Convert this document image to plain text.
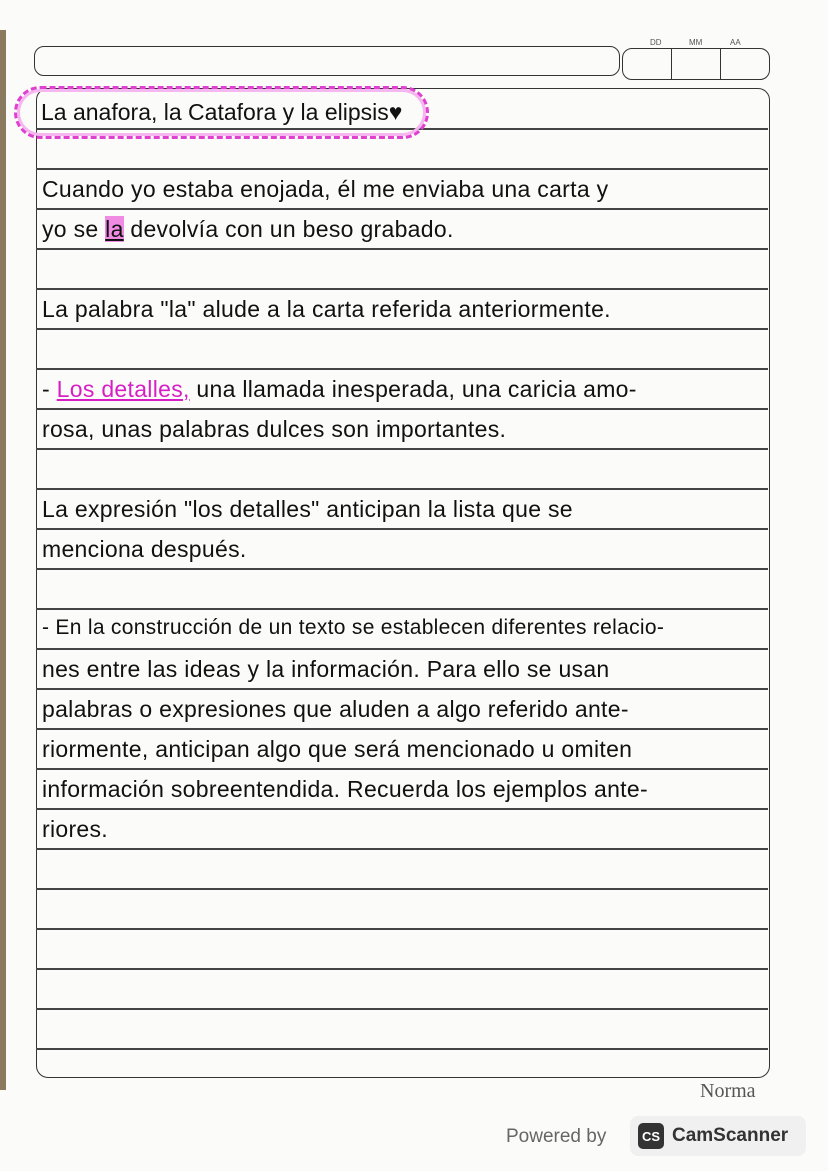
DD	MM	AA
La anafora, la Catafora y la elipsis♥
Cuando yo estaba enojada, él me enviaba una carta y
yo se la devolvía con un beso grabado.
La palabra "la" alude a la carta referida anteriormente.
- Los detalles, una llamada inesperada, una caricia amo-
rosa, unas palabras dulces son importantes.
La expresión "los detalles" anticipan la lista que se
menciona después.
- En la construcción de un texto se establecen diferentes relacio-
nes entre las ideas y la información. Para ello se usan
palabras o expresiones que aluden a algo referido ante-
riormente, anticipan algo que será mencionado u omiten
información sobreentendida. Recuerda los ejemplos ante-
riores.
Norma
Powered by	CS CamScanner
